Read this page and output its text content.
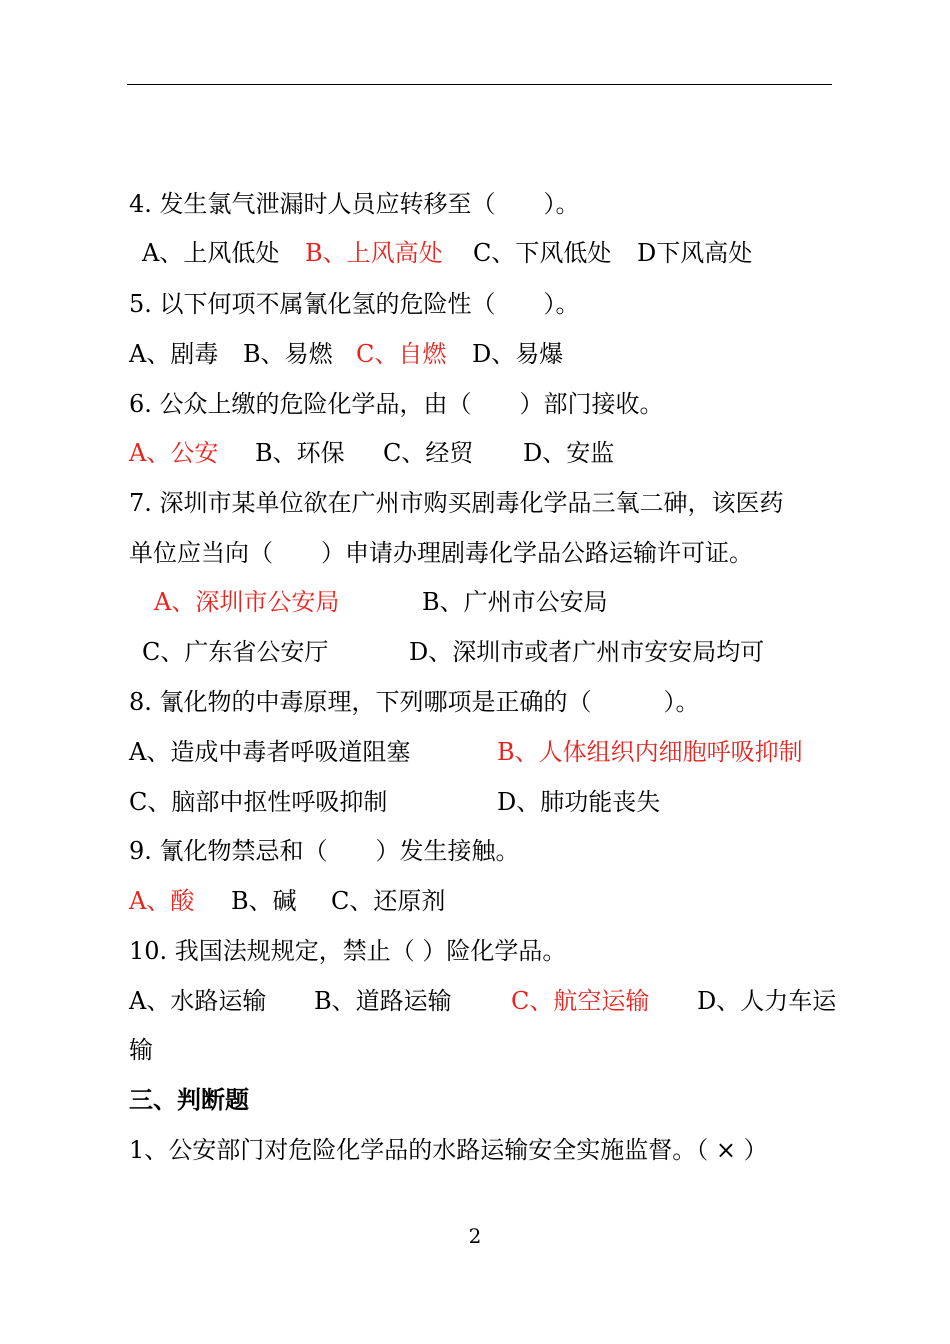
4. 发生氯气泄漏时人员应转移至（　　）。
A、上风低处 B、上风高处 C、下风低处 D下风高处
5. 以下何项不属氰化氢的危险性（　　）。
A、剧毒 B、易燃 C、自燃 D、易爆
6. 公众上缴的危险化学品，由（　　）部门接收。
A、公安 B、环保 C、经贸 D、安监
7. 深圳市某单位欲在广州市购买剧毒化学品三氧二砷，该医药
单位应当向（　　）申请办理剧毒化学品公路运输许可证。
A、深圳市公安局	B、广州市公安局
C、广东省公安厅	D、深圳市或者广州市安安局均可
8. 氰化物的中毒原理，下列哪项是正确的（　　　）。
A、造成中毒者呼吸道阻塞	B、人体组织内细胞呼吸抑制
C、脑部中抠性呼吸抑制	D、肺功能丧失
9. 氰化物禁忌和（　　）发生接触。
A、酸 B、碱 C、还原剂
10. 我国法规规定，禁止（ ）险化学品。
A、水路运输 B、道路运输 C、航空运输 D、人力车运
输
三、判断题
1、公安部门对危险化学品的水路运输安全实施监督。（ × ）
2
